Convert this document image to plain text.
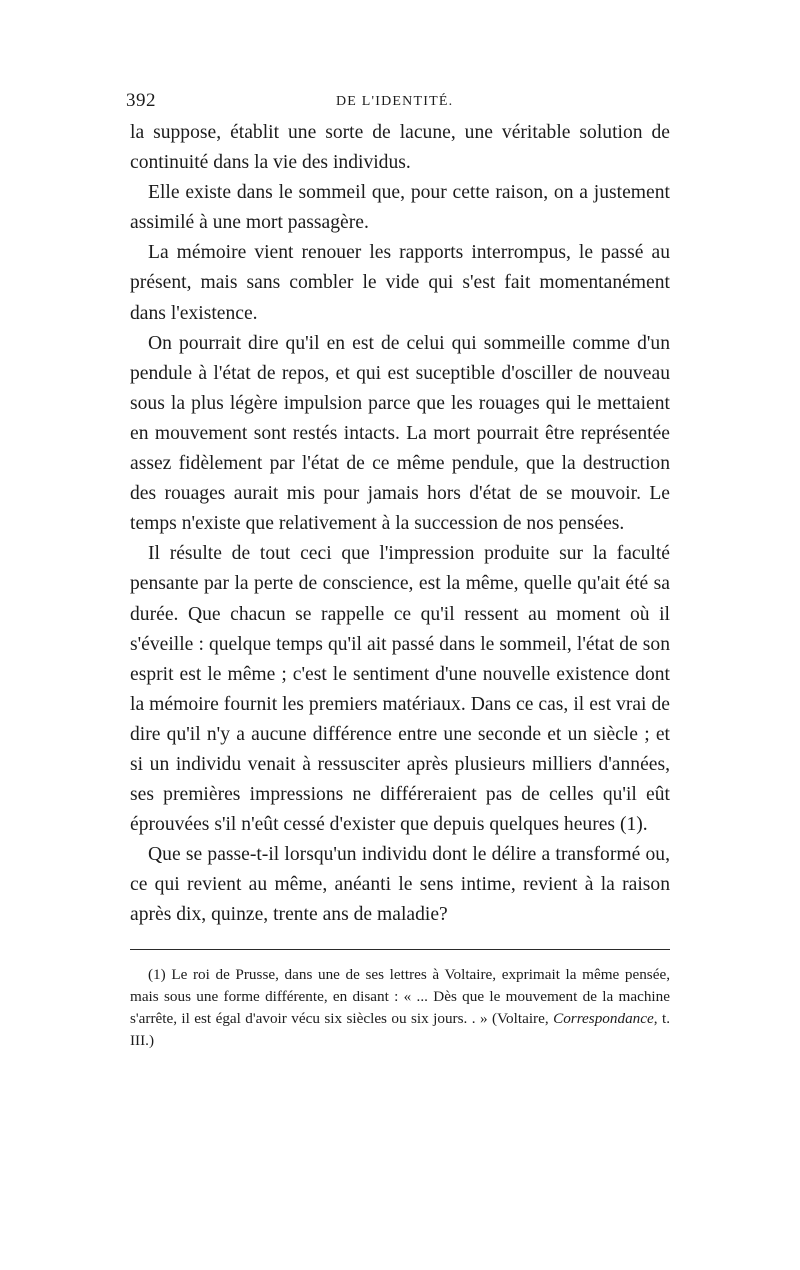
392	DE L'IDENTITÉ.

la suppose, établit une sorte de lacune, une véritable solution de continuité dans la vie des individus.

Elle existe dans le sommeil que, pour cette raison, on a justement assimilé à une mort passagère.

La mémoire vient renouer les rapports interrompus, le passé au présent, mais sans combler le vide qui s'est fait momentanément dans l'existence.

On pourrait dire qu'il en est de celui qui sommeille comme d'un pendule à l'état de repos, et qui est suceptible d'osciller de nouveau sous la plus légère impulsion parce que les rouages qui le mettaient en mouvement sont restés intacts. La mort pourrait être représentée assez fidèlement par l'état de ce même pendule, que la destruction des rouages aurait mis pour jamais hors d'état de se mouvoir. Le temps n'existe que relativement à la succession de nos pensées.

Il résulte de tout ceci que l'impression produite sur la faculté pensante par la perte de conscience, est la même, quelle qu'ait été sa durée. Que chacun se rappelle ce qu'il ressent au moment où il s'éveille : quelque temps qu'il ait passé dans le sommeil, l'état de son esprit est le même ; c'est le sentiment d'une nouvelle existence dont la mémoire fournit les premiers matériaux. Dans ce cas, il est vrai de dire qu'il n'y a aucune différence entre une seconde et un siècle ; et si un individu venait à ressusciter après plusieurs milliers d'années, ses premières impressions ne différeraient pas de celles qu'il eût éprouvées s'il n'eût cessé d'exister que depuis quelques heures (1).

Que se passe-t-il lorsqu'un individu dont le délire a transformé ou, ce qui revient au même, anéanti le sens intime, revient à la raison après dix, quinze, trente ans de maladie?

(1) Le roi de Prusse, dans une de ses lettres à Voltaire, exprimait la même pensée, mais sous une forme différente, en disant : « ... Dès que le mouvement de la machine s'arrête, il est égal d'avoir vécu six siècles ou six jours. . » (Voltaire, Correspondance, t. III.)
